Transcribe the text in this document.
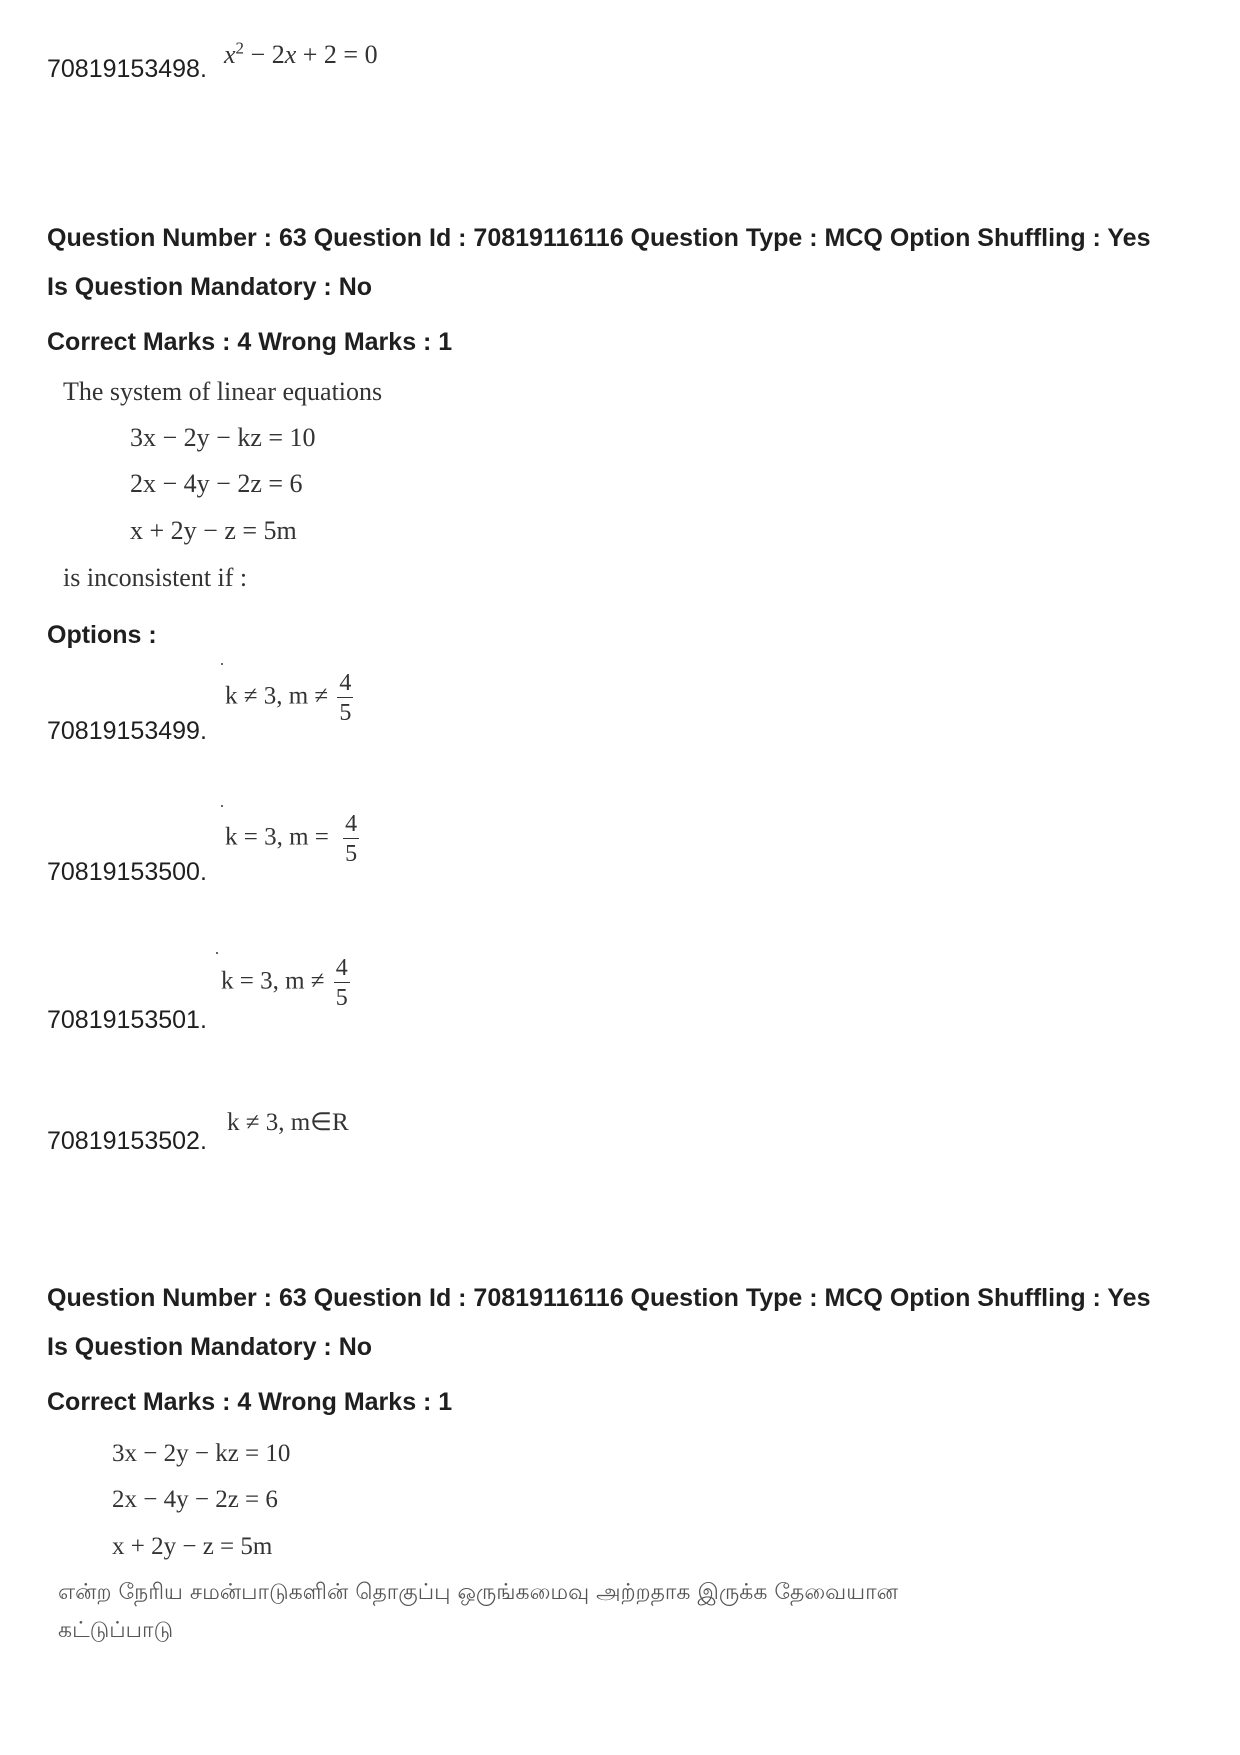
70819153498. $x^2 - 2x + 2 = 0$
Question Number : 63 Question Id : 70819116116 Question Type : MCQ Option Shuffling : Yes
Is Question Mandatory : No
Correct Marks : 4 Wrong Marks : 1
The system of linear equations
3x − 2y − kz = 10
2x − 4y − 2z = 6
x + 2y − z = 5m
is inconsistent if :
Options :
70819153499.
k ≠ 3, $m \ne \frac{4}{5}$
70819153500.
k = 3, $m = \frac{4}{5}$
70819153501.
k = 3, $m \ne \frac{4}{5}$
70819153502.
k ≠ 3, m∈R
Question Number : 63 Question Id : 70819116116 Question Type : MCQ Option Shuffling : Yes
Is Question Mandatory : No
Correct Marks : 4 Wrong Marks : 1
3x − 2y − kz = 10
2x − 4y − 2z = 6
x + 2y − z = 5m
என்ற நேரிய சமன்பாடுகளின் தொகுப்பு ஒருங்கமைவு அற்றதாக இருக்க தேவையான
கட்டுப்பாடு
